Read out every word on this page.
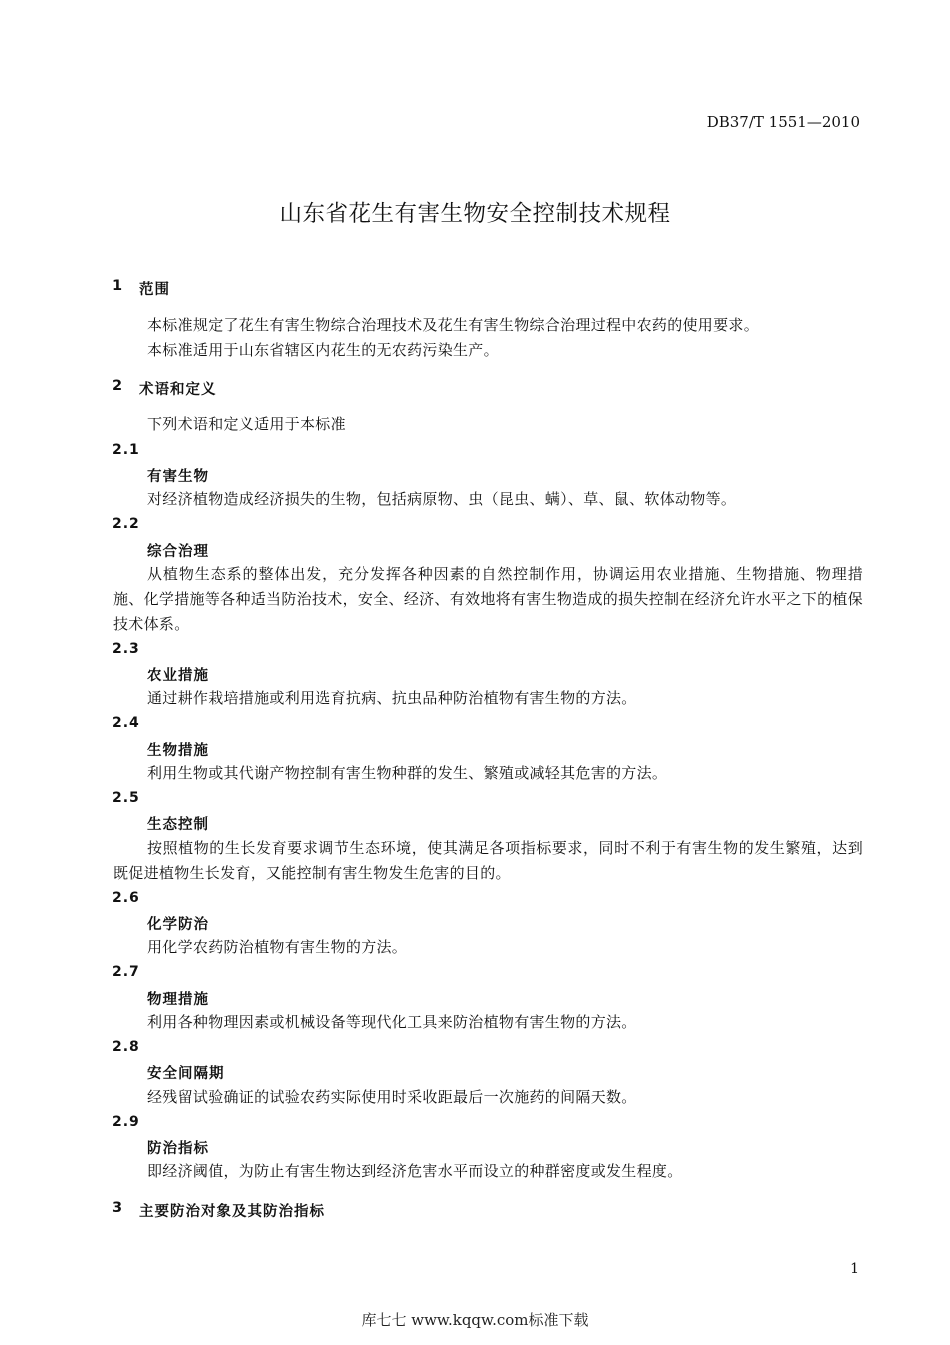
DB37/T 1551—2010
山东省花生有害生物安全控制技术规程
1 范围
本标准规定了花生有害生物综合治理技术及花生有害生物综合治理过程中农药的使用要求。
本标准适用于山东省辖区内花生的无农药污染生产。
2 术语和定义
下列术语和定义适用于本标准
2.1
有害生物
对经济植物造成经济损失的生物，包括病原物、虫（昆虫、螨）、草、鼠、软体动物等。
2.2
综合治理
从植物生态系的整体出发，充分发挥各种因素的自然控制作用，协调运用农业措施、生物措施、物理措施、化学措施等各种适当防治技术，安全、经济、有效地将有害生物造成的损失控制在经济允许水平之下的植保技术体系。
2.3
农业措施
通过耕作栽培措施或利用选育抗病、抗虫品种防治植物有害生物的方法。
2.4
生物措施
利用生物或其代谢产物控制有害生物种群的发生、繁殖或减轻其危害的方法。
2.5
生态控制
按照植物的生长发育要求调节生态环境，使其满足各项指标要求，同时不利于有害生物的发生繁殖，达到既促进植物生长发育，又能控制有害生物发生危害的目的。
2.6
化学防治
用化学农药防治植物有害生物的方法。
2.7
物理措施
利用各种物理因素或机械设备等现代化工具来防治植物有害生物的方法。
2.8
安全间隔期
经残留试验确证的试验农药实际使用时采收距最后一次施药的间隔天数。
2.9
防治指标
即经济阈值，为防止有害生物达到经济危害水平而设立的种群密度或发生程度。
3 主要防治对象及其防治指标
1
库七七 www.kqqw.com标准下载
